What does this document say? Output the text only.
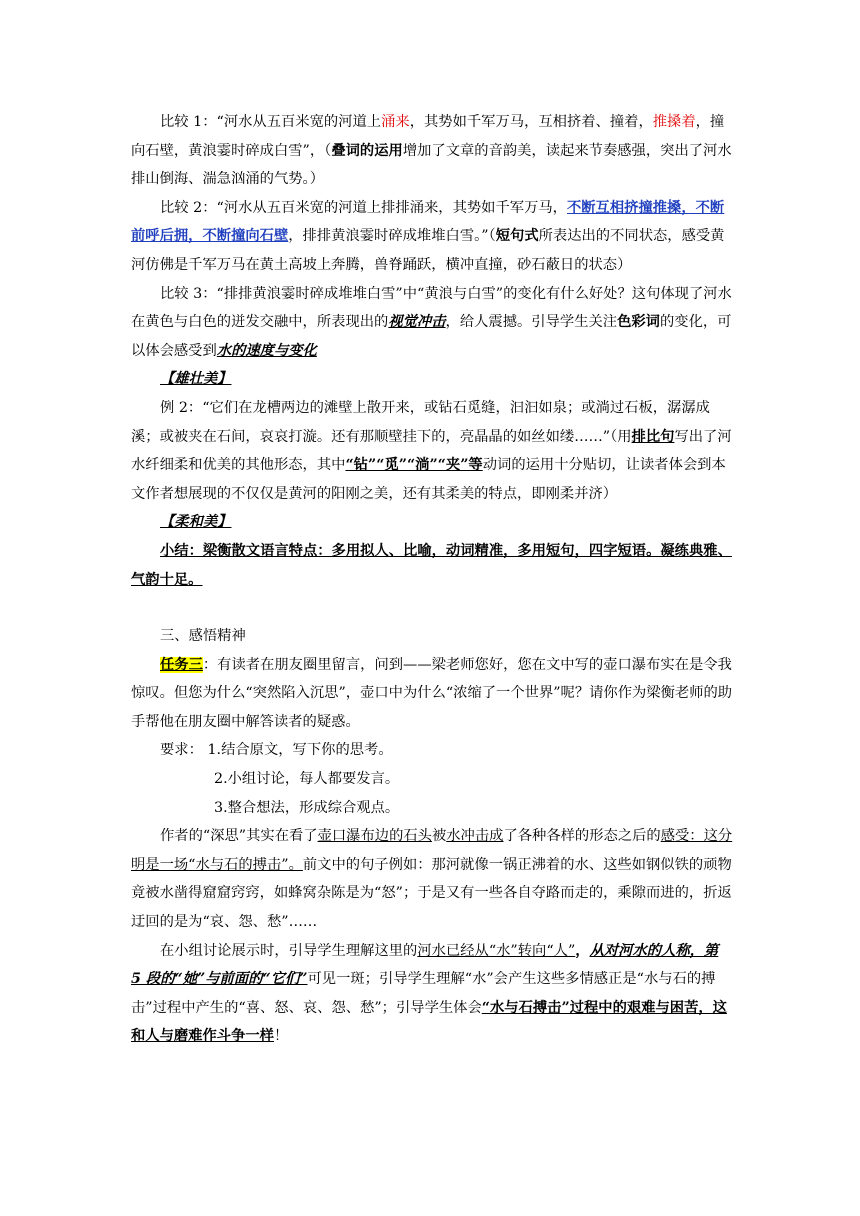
比较 1：“河水从五百米宽的河道上涌来，其势如千军万马，互相挤着、撞着，推搡着，撞向石壁，黄浪霎时碎成白雪”，（叠词的运用增加了文章的音韵美，读起来节奏感强，突出了河水排山倒海、湍急汹涌的气势。）

比较 2：“河水从五百米宽的河道上排排涌来，其势如千军万马，不断互相挤撞推搡，不断前呼后拥，不断撞向石壁，排排黄浪霎时碎成堆堆白雪。”（短句式所表达出的不同状态，感受黄河仿佛是千军万马在黄土高坡上奔腾，兽脊踊跃，横冲直撞，砂石蔽日的状态）

比较 3：“排排黄浪霎时碎成堆堆白雪”中“黄浪与白雪”的变化有什么好处？这句体现了河水在黄色与白色的迸发交融中，所表现出的视觉冲击，给人震撼。引导学生关注色彩词的变化，可以体会感受到水的速度与变化

【雄壮美】

例 2：“它们在龙槽两边的滩壁上散开来，或钻石觅缝，汩汩如泉；或淌过石板，潺潺成溪；或被夹在石间，哀哀打漩。还有那顺壁挂下的，亮晶晶的如丝如缕……”（用排比句写出了河水纤细柔和优美的其他形态，其中“钻”“觅”“淌”“夹”等动词的运用十分贴切，让读者体会到本文作者想展现的不仅仅是黄河的阳刚之美，还有其柔美的特点，即刚柔并济）

【柔和美】

小结：梁衡散文语言特点：多用拟人、比喻，动词精准，多用短句，四字短语。凝练典雅、气韵十足。

三、感悟精神

任务三：有读者在朋友圈里留言，问到——梁老师您好，您在文中写的壶口瀑布实在是令我惊叹。但您为什么“突然陷入沉思”，壶口中为什么“浓缩了一个世界”呢？请你作为梁衡老师的助手帮他在朋友圈中解答读者的疑惑。

要求： 1.结合原文，写下你的思考。

2.小组讨论，每人都要发言。

3.整合想法，形成综合观点。

作者的“深思”其实在看了壶口瀑布边的石头被水冲击成了各种各样的形态之后的感受：这分明是一场“水与石的搏击”。前文中的句子例如：那河就像一锅正沸着的水、这些如钢似铁的顽物竟被水凿得窟窟窍窍，如蜂窝杂陈是为“怒”；于是又有一些各自夺路而走的，乘隙而进的，折返迂回的是为“哀、怨、愁”……

在小组讨论展示时，引导学生理解这里的河水已经从“水”转向“人”，从对河水的人称，第 5 段的“她”与前面的“它们”可见一斑；引导学生理解“水”会产生这些多情感正是“水与石的搏击”过程中产生的“喜、怒、哀、怨、愁”；引导学生体会“水与石搏击”过程中的艰难与困苦，这和人与磨难作斗争一样！
